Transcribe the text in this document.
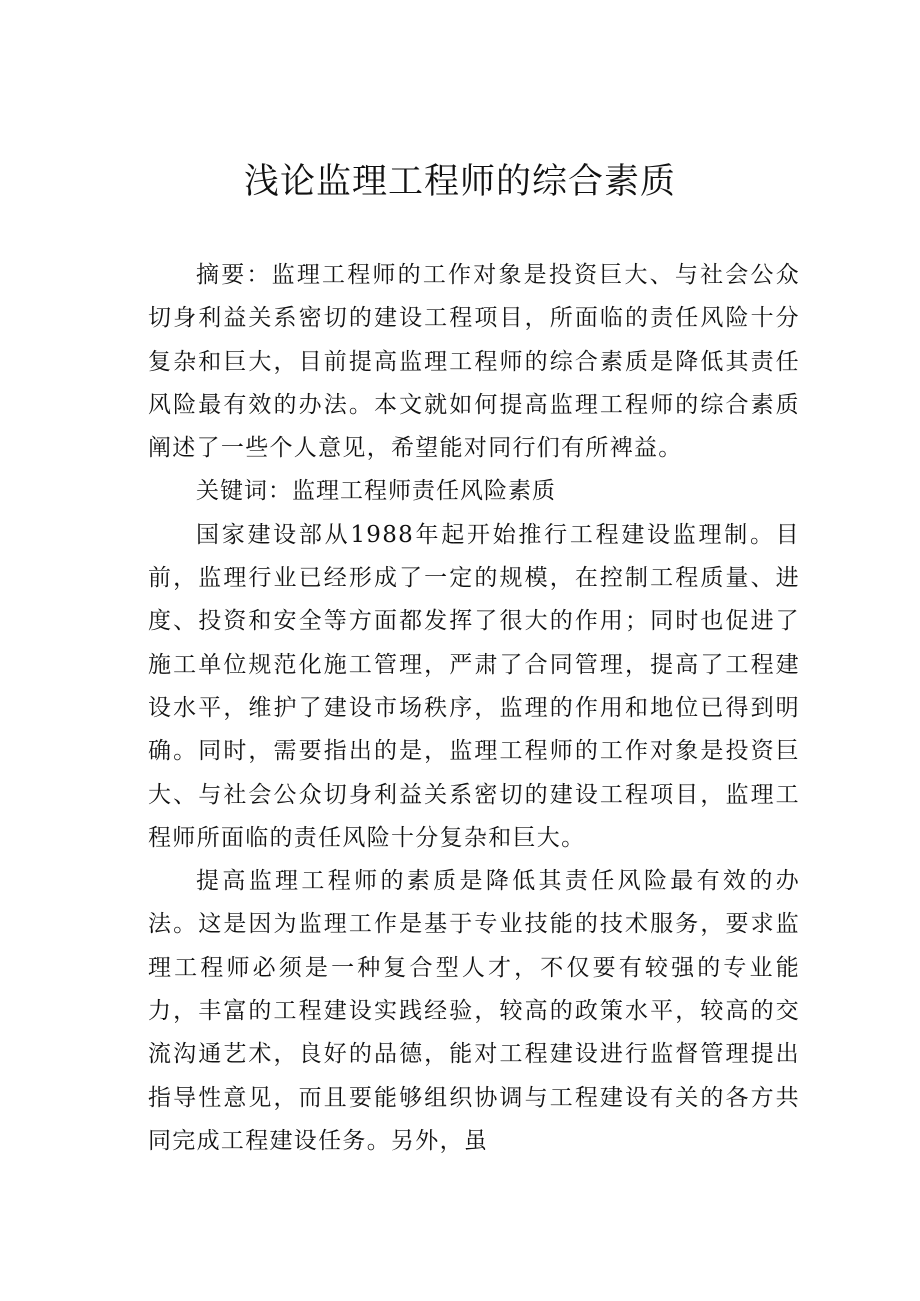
浅论监理工程师的综合素质

摘要：监理工程师的工作对象是投资巨大、与社会公众切身利益关系密切的建设工程项目，所面临的责任风险十分复杂和巨大，目前提高监理工程师的综合素质是降低其责任风险最有效的办法。本文就如何提高监理工程师的综合素质阐述了一些个人意见，希望能对同行们有所裨益。

关键词：监理工程师责任风险素质

国家建设部从1988年起开始推行工程建设监理制。目前，监理行业已经形成了一定的规模，在控制工程质量、进度、投资和安全等方面都发挥了很大的作用；同时也促进了施工单位规范化施工管理，严肃了合同管理，提高了工程建设水平，维护了建设市场秩序，监理的作用和地位已得到明确。同时，需要指出的是，监理工程师的工作对象是投资巨大、与社会公众切身利益关系密切的建设工程项目，监理工程师所面临的责任风险十分复杂和巨大。

提高监理工程师的素质是降低其责任风险最有效的办法。这是因为监理工作是基于专业技能的技术服务，要求监理工程师必须是一种复合型人才，不仅要有较强的专业能力，丰富的工程建设实践经验，较高的政策水平，较高的交流沟通艺术，良好的品德，能对工程建设进行监督管理提出指导性意见，而且要能够组织协调与工程建设有关的各方共同完成工程建设任务。另外，虽
